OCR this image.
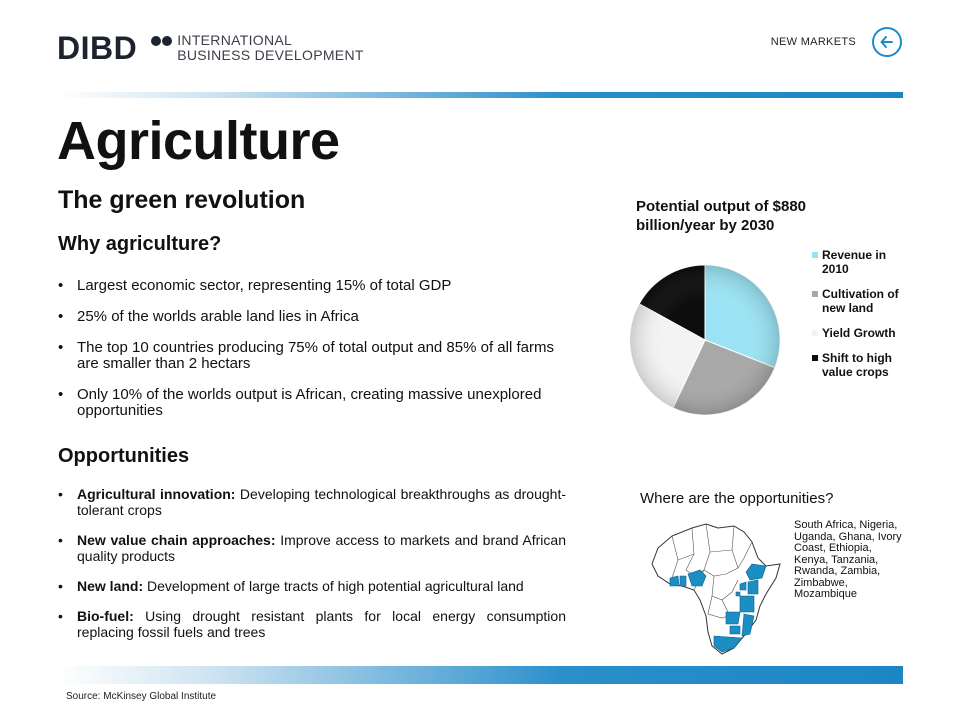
DIBD	INTERNATIONAL
BUSINESS DEVELOPMENT
NEW MARKETS
Agriculture
The green revolution
Why agriculture?
• Largest economic sector, representing 15% of total GDP
• 25% of the worlds arable land lies in Africa
• The top 10 countries producing 75% of total output and 85% of all farms are smaller than 2 hectars
• Only 10% of the worlds output is African, creating massive unexplored opportunities
Opportunities
• Agricultural innovation: Developing technological breakthroughs as drought-tolerant crops
• New value chain approaches: Improve access to markets and brand African quality products
• New land: Development of large tracts of high potential agricultural land
• Bio-fuel: Using drought resistant plants for local energy consumption replacing fossil fuels and trees
Potential output of $880 billion/year by 2030
Revenue in 2010
Cultivation of new land
Yield Growth
Shift to high value crops
Where are the opportunities?
South Africa, Nigeria, Uganda, Ghana, Ivory Coast, Ethiopia, Kenya, Tanzania, Rwanda, Zambia, Zimbabwe, Mozambique
Source: McKinsey Global Institute
